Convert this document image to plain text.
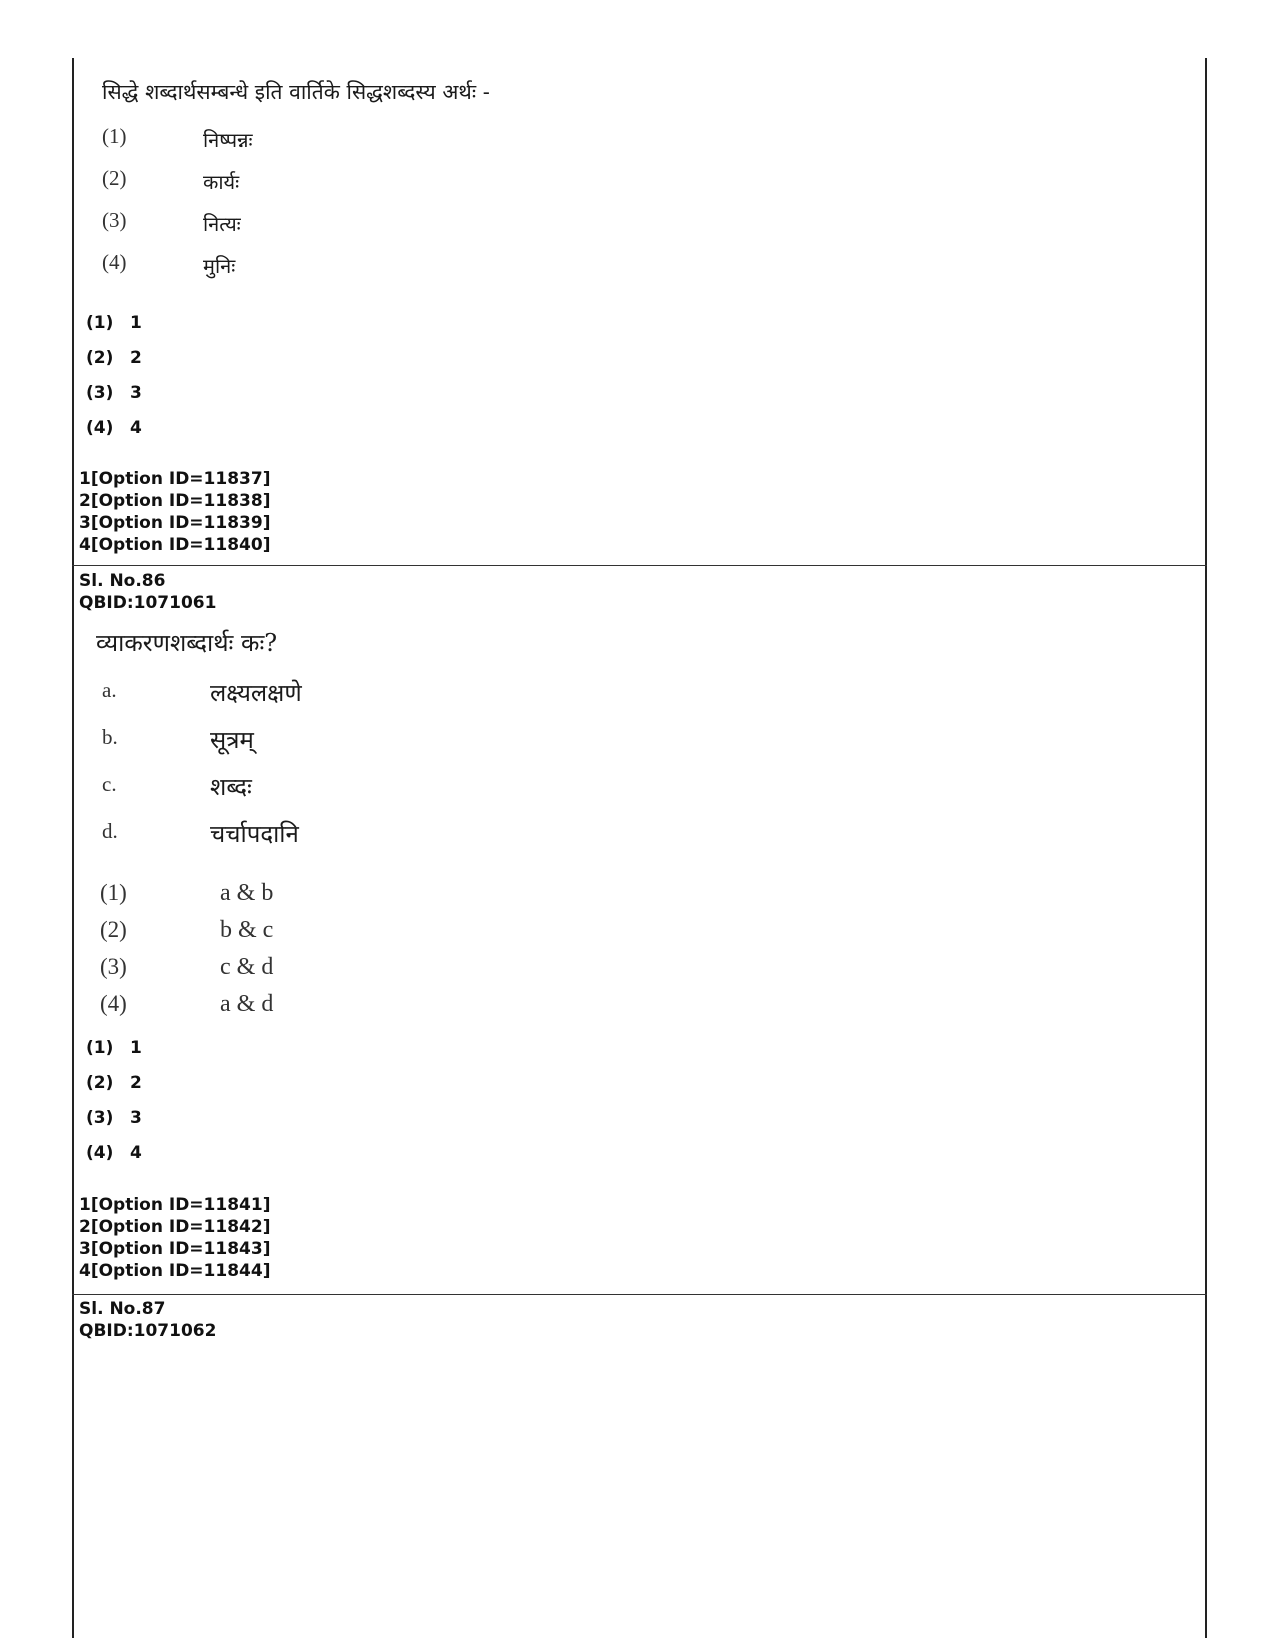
सिद्धे शब्दार्थसम्बन्धे इति वार्तिके सिद्धशब्दस्य अर्थः -
(1)	निष्पन्नः
(2)	कार्यः
(3)	नित्यः
(4)	मुनिः
(1) 1
(2) 2
(3) 3
(4) 4
1[Option ID=11837]
2[Option ID=11838]
3[Option ID=11839]
4[Option ID=11840]
Sl. No.86
QBID:1071061
व्याकरणशब्दार्थः कः?
a.	लक्ष्यलक्षणे
b.	सूत्रम्
c.	शब्दः
d.	चर्चापदानि
(1)	a & b
(2)	b & c
(3)	c & d
(4)	a & d
(1) 1
(2) 2
(3) 3
(4) 4
1[Option ID=11841]
2[Option ID=11842]
3[Option ID=11843]
4[Option ID=11844]
Sl. No.87
QBID:1071062
